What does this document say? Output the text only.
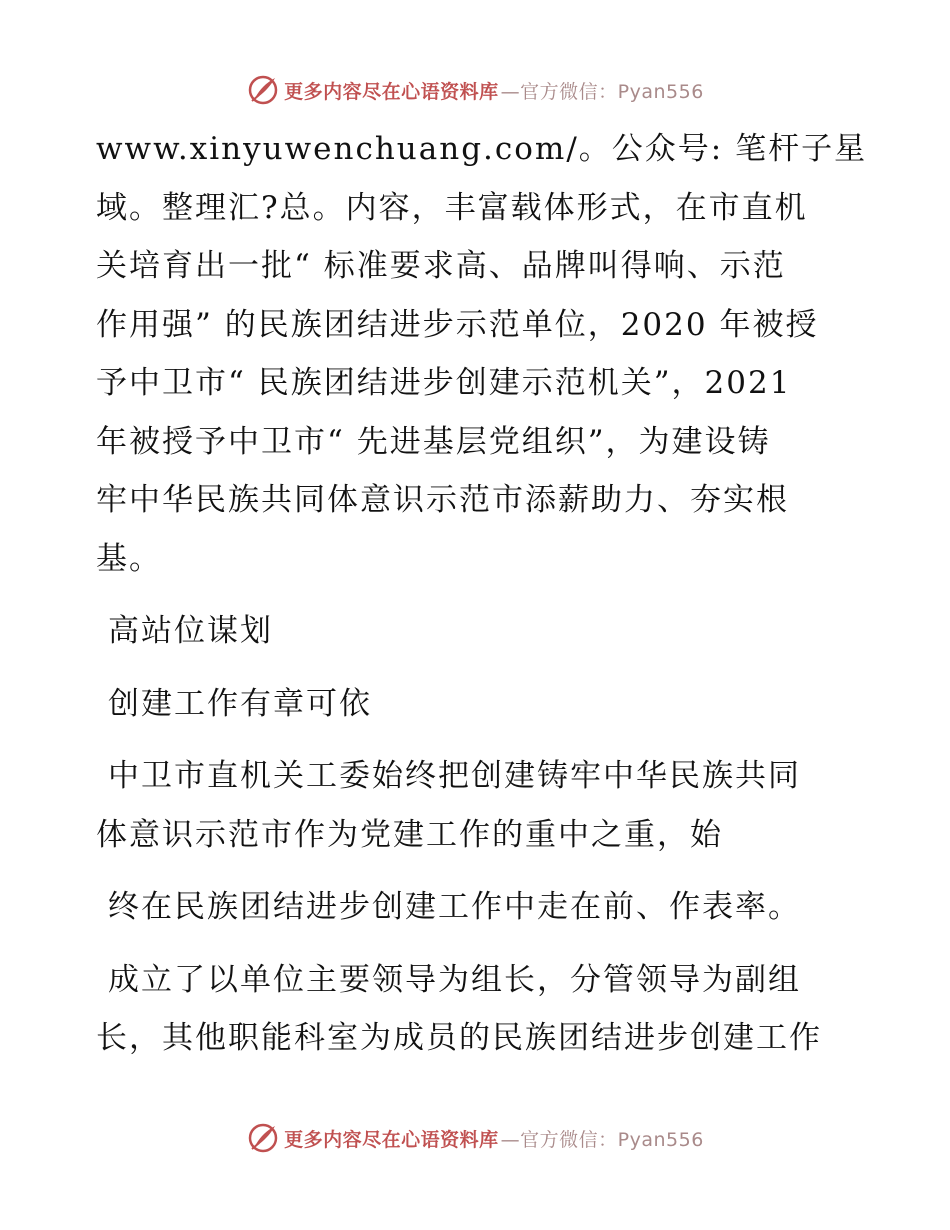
更多内容尽在心语资料库 —官方微信：Pyan556
www.xinyuwenchuang.com/。公众号: 笔杆子星
域。整理汇?总。内容，丰富载体形式，在市直机
关培育出一批“ 标准要求高、品牌叫得响、示范
作用强” 的民族团结进步示范单位，2020 年被授
予中卫市“ 民族团结进步创建示范机关”，2021
年被授予中卫市“ 先进基层党组织”，为建设铸
牢中华民族共同体意识示范市添薪助力、夯实根
基。
高站位谋划
创建工作有章可依
中卫市直机关工委始终把创建铸牢中华民族共同
体意识示范市作为党建工作的重中之重，始
终在民族团结进步创建工作中走在前、作表率。
成立了以单位主要领导为组长，分管领导为副组
长，其他职能科室为成员的民族团结进步创建工作
更多内容尽在心语资料库 —官方微信：Pyan556
